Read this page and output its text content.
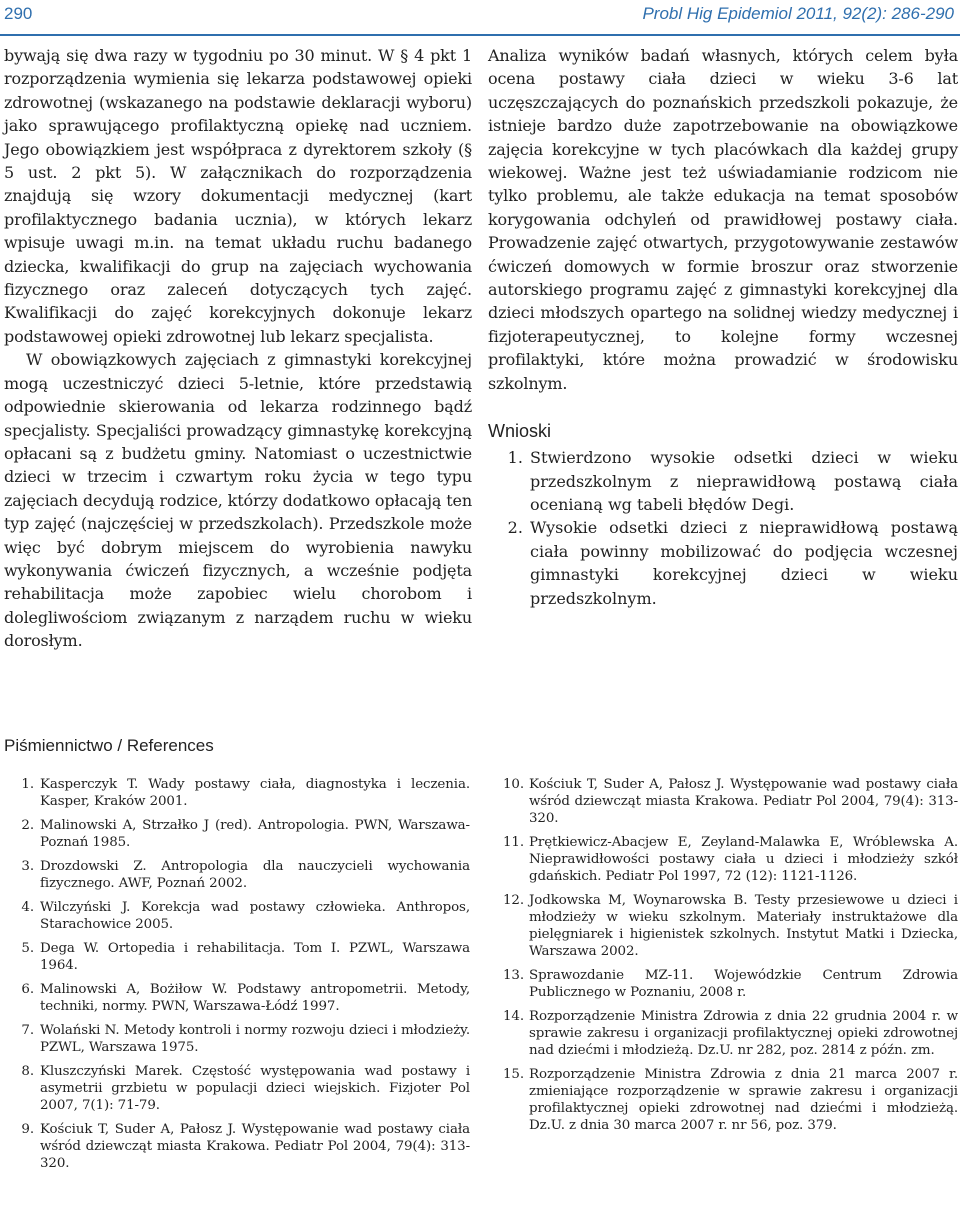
290	Probl Hig Epidemiol 2011, 92(2): 286-290

bywają się dwa razy w tygodniu po 30 minut. W § 4 pkt 1 rozporządzenia wymienia się lekarza podstawowej opieki zdrowotnej (wskazanego na podstawie deklaracji wyboru) jako sprawującego profilaktyczną opiekę nad uczniem. Jego obowiązkiem jest współpraca z dyrektorem szkoły (§ 5 ust. 2 pkt 5). W załącznikach do rozporządzenia znajdują się wzory dokumentacji medycznej (kart profilaktycznego badania ucznia), w których lekarz wpisuje uwagi m.in. na temat układu ruchu badanego dziecka, kwalifikacji do grup na zajęciach wychowania fizycznego oraz zaleceń dotyczących tych zajęć. Kwalifikacji do zajęć korekcyjnych dokonuje lekarz podstawowej opieki zdrowotnej lub lekarz specjalista.

W obowiązkowych zajęciach z gimnastyki korekcyjnej mogą uczestniczyć dzieci 5-letnie, które przedstawią odpowiednie skierowania od lekarza rodzinnego bądź specjalisty. Specjaliści prowadzący gimnastykę korekcyjną opłacani są z budżetu gminy. Natomiast o uczestnictwie dzieci w trzecim i czwartym roku życia w tego typu zajęciach decydują rodzice, którzy dodatkowo opłacają ten typ zajęć (najczęściej w przedszkolach). Przedszkole może więc być dobrym miejscem do wyrobienia nawyku wykonywania ćwiczeń fizycznych, a wcześnie podjęta rehabilitacja może zapobiec wielu chorobom i dolegliwościom związanym z narządem ruchu w wieku dorosłym.

Analiza wyników badań własnych, których celem była ocena postawy ciała dzieci w wieku 3-6 lat uczęszczających do poznańskich przedszkoli pokazuje, że istnieje bardzo duże zapotrzebowanie na obowiązkowe zajęcia korekcyjne w tych placówkach dla każdej grupy wiekowej. Ważne jest też uświadamianie rodzicom nie tylko problemu, ale także edukacja na temat sposobów korygowania odchyleń od prawidłowej postawy ciała. Prowadzenie zajęć otwartych, przygotowywanie zestawów ćwiczeń domowych w formie broszur oraz stworzenie autorskiego programu zajęć z gimnastyki korekcyjnej dla dzieci młodszych opartego na solidnej wiedzy medycznej i fizjoterapeutycznej, to kolejne formy wczesnej profilaktyki, które można prowadzić w środowisku szkolnym.

Wnioski
1. Stwierdzono wysokie odsetki dzieci w wieku przedszkolnym z nieprawidłową postawą ciała ocenianą wg tabeli błędów Degi.
2. Wysokie odsetki dzieci z nieprawidłową postawą ciała powinny mobilizować do podjęcia wczesnej gimnastyki korekcyjnej dzieci w wieku przedszkolnym.
Piśmiennictwo / References
1. Kasperczyk T. Wady postawy ciała, diagnostyka i leczenia. Kasper, Kraków 2001.
2. Malinowski A, Strzałko J (red). Antropologia. PWN, Warszawa-Poznań 1985.
3. Drozdowski Z. Antropologia dla nauczycieli wychowania fizycznego. AWF, Poznań 2002.
4. Wilczyński J. Korekcja wad postawy człowieka. Anthropos, Starachowice 2005.
5. Dega W. Ortopedia i rehabilitacja. Tom I. PZWL, Warszawa 1964.
6. Malinowski A, Bożiłow W. Podstawy antropometrii. Metody, techniki, normy. PWN, Warszawa-Łódź 1997.
7. Wolański N. Metody kontroli i normy rozwoju dzieci i młodzieży. PZWL, Warszawa 1975.
8. Kluszczyński Marek. Częstość występowania wad postawy i asymetrii grzbietu w populacji dzieci wiejskich. Fizjoter Pol 2007, 7(1): 71-79.
9. Kościuk T, Suder A, Pałosz J. Występowanie wad postawy ciała wśród dziewcząt miasta Krakowa. Pediatr Pol 2004, 79(4): 313-320.
10. Kościuk T, Suder A, Pałosz J. Występowanie wad postawy ciała wśród dziewcząt miasta Krakowa. Pediatr Pol 2004, 79(4): 313-320.
11. Prętkiewicz-Abacjew E, Zeyland-Malawka E, Wróblewska A. Nieprawidłowości postawy ciała u dzieci i młodzieży szkół gdańskich. Pediatr Pol 1997, 72 (12): 1121-1126.
12. Jodkowska M, Woynarowska B. Testy przesiewowe u dzieci i młodzieży w wieku szkolnym. Materiały instruktażowe dla pielęgniarek i higienistek szkolnych. Instytut Matki i Dziecka, Warszawa 2002.
13. Sprawozdanie MZ-11. Wojewódzkie Centrum Zdrowia Publicznego w Poznaniu, 2008 r.
14. Rozporządzenie Ministra Zdrowia z dnia 22 grudnia 2004 r. w sprawie zakresu i organizacji profilaktycznej opieki zdrowotnej nad dziećmi i młodzieżą. Dz.U. nr 282, poz. 2814 z późn. zm.
15. Rozporządzenie Ministra Zdrowia z dnia 21 marca 2007 r. zmieniające rozporządzenie w sprawie zakresu i organizacji profilaktycznej opieki zdrowotnej nad dziećmi i młodzieżą. Dz.U. z dnia 30 marca 2007 r. nr 56, poz. 379.
